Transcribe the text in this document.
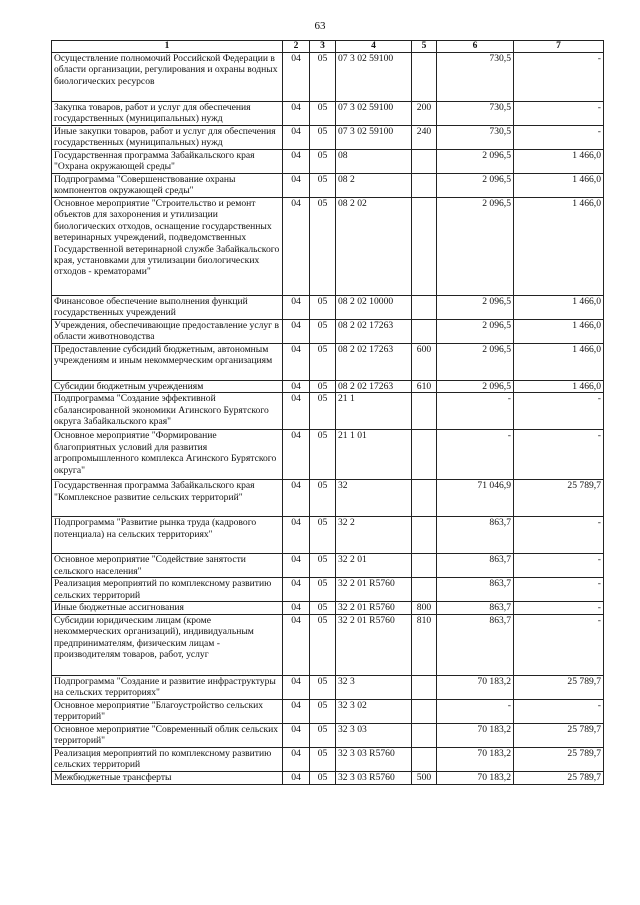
63
1	2	3	4	5	6	7
Осуществление полномочий Российской Федерации в области организации, регулирования и охраны водных биологических ресурсов	04	05	07 3 02 59100		730,5	-
Закупка товаров, работ и услуг для обеспечения государственных (муниципальных) нужд	04	05	07 3 02 59100	200	730,5	-
Иные закупки товаров, работ и услуг для обеспечения государственных (муниципальных) нужд	04	05	07 3 02 59100	240	730,5	-
Государственная программа Забайкальского края "Охрана окружающей среды"	04	05	08		2 096,5	1 466,0
Подпрограмма "Совершенствование охраны компонентов окружающей среды"	04	05	08 2		2 096,5	1 466,0
Основное мероприятие "Строительство и ремонт объектов для захоронения и утилизации биологических отходов, оснащение государственных ветеринарных учреждений, подведомственных Государственной ветеринарной службе Забайкальского края, установками для утилизации биологических отходов - крематорами"	04	05	08 2 02		2 096,5	1 466,0
Финансовое обеспечение выполнения функций государственных учреждений	04	05	08 2 02 10000		2 096,5	1 466,0
Учреждения, обеспечивающие предоставление услуг в области животноводства	04	05	08 2 02 17263		2 096,5	1 466,0
Предоставление субсидий бюджетным, автономным учреждениям и иным некоммерческим организациям	04	05	08 2 02 17263	600	2 096,5	1 466,0
Субсидии бюджетным учреждениям	04	05	08 2 02 17263	610	2 096,5	1 466,0
Подпрограмма "Создание эффективной сбалансированной экономики Агинского Бурятского округа Забайкальского края"	04	05	21 1		-	-
Основное мероприятие "Формирование благоприятных условий для развития агропромышленного комплекса Агинского Бурятского округа"	04	05	21 1 01		-	-
Государственная программа Забайкальского края "Комплексное развитие сельских территорий"	04	05	32		71 046,9	25 789,7
Подпрограмма "Развитие рынка труда (кадрового потенциала) на сельских территориях"	04	05	32 2		863,7	-
Основное мероприятие "Содействие занятости сельского населения"	04	05	32 2 01		863,7	-
Реализация мероприятий по комплексному развитию сельских территорий	04	05	32 2 01 R5760		863,7	-
Иные бюджетные ассигнования	04	05	32 2 01 R5760	800	863,7	-
Субсидии юридическим лицам (кроме некоммерческих организаций), индивидуальным предпринимателям, физическим лицам - производителям товаров, работ, услуг	04	05	32 2 01 R5760	810	863,7	-
Подпрограмма "Создание и развитие инфраструктуры на сельских территориях"	04	05	32 3		70 183,2	25 789,7
Основное мероприятие "Благоустройство сельских территорий"	04	05	32 3 02		-	-
Основное мероприятие "Современный облик сельских территорий"	04	05	32 3 03		70 183,2	25 789,7
Реализация мероприятий по комплексному развитию сельских территорий	04	05	32 3 03 R5760		70 183,2	25 789,7
Межбюджетные трансферты	04	05	32 3 03 R5760	500	70 183,2	25 789,7
